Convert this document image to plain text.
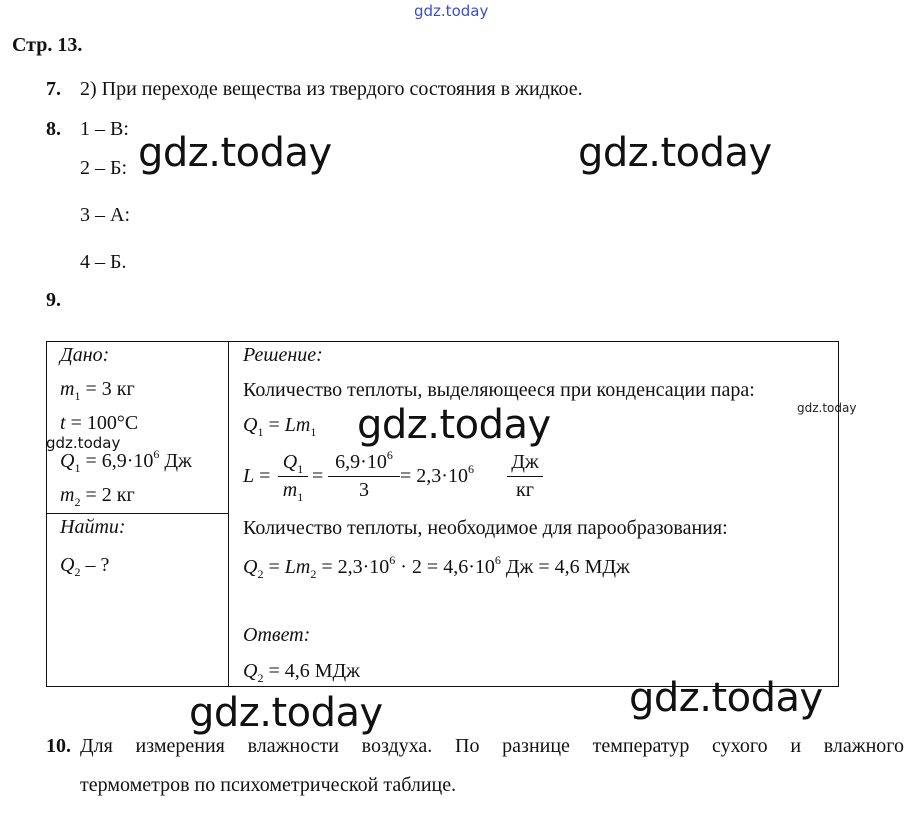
gdz.today
gdz.today	gdz.today
gdz.today
gdz.today
gdz.today
gdz.today
gdz.today
Стр. 13.
7. 2) При переходе вещества из твердого состояния в жидкое.
8. 1 – В:
2 – Б:
3 – А:
4 – Б.
9.
Дано:
$m_1 = 3$ кг
t = 100°C
$Q_1 = 6,9\cdot 10^6$ Дж
$m_2 = 2$ кг
Найти:
$Q_2$ – ?
Решение:
Количество теплоты, выделяющееся при конденсации пара:
$Q_1 = Lm_1$
L =
$Q_1$
$m_1$
=
$6,9\cdot 10^6$
3
= $2,3\cdot 10^6$ Дж
кг
Количество теплоты, необходимое для парообразования:
$Q_2 = Lm_2 = 2,3\cdot 10^6 \cdot 2 = 4,6\cdot 10^6$ Дж = 4,6 МДж
Ответ:
$Q_2 = 4,6$ МДж
10. Для измерения влажности воздуха. По разнице температур сухого и влажного
термометров по психометрической таблице.
